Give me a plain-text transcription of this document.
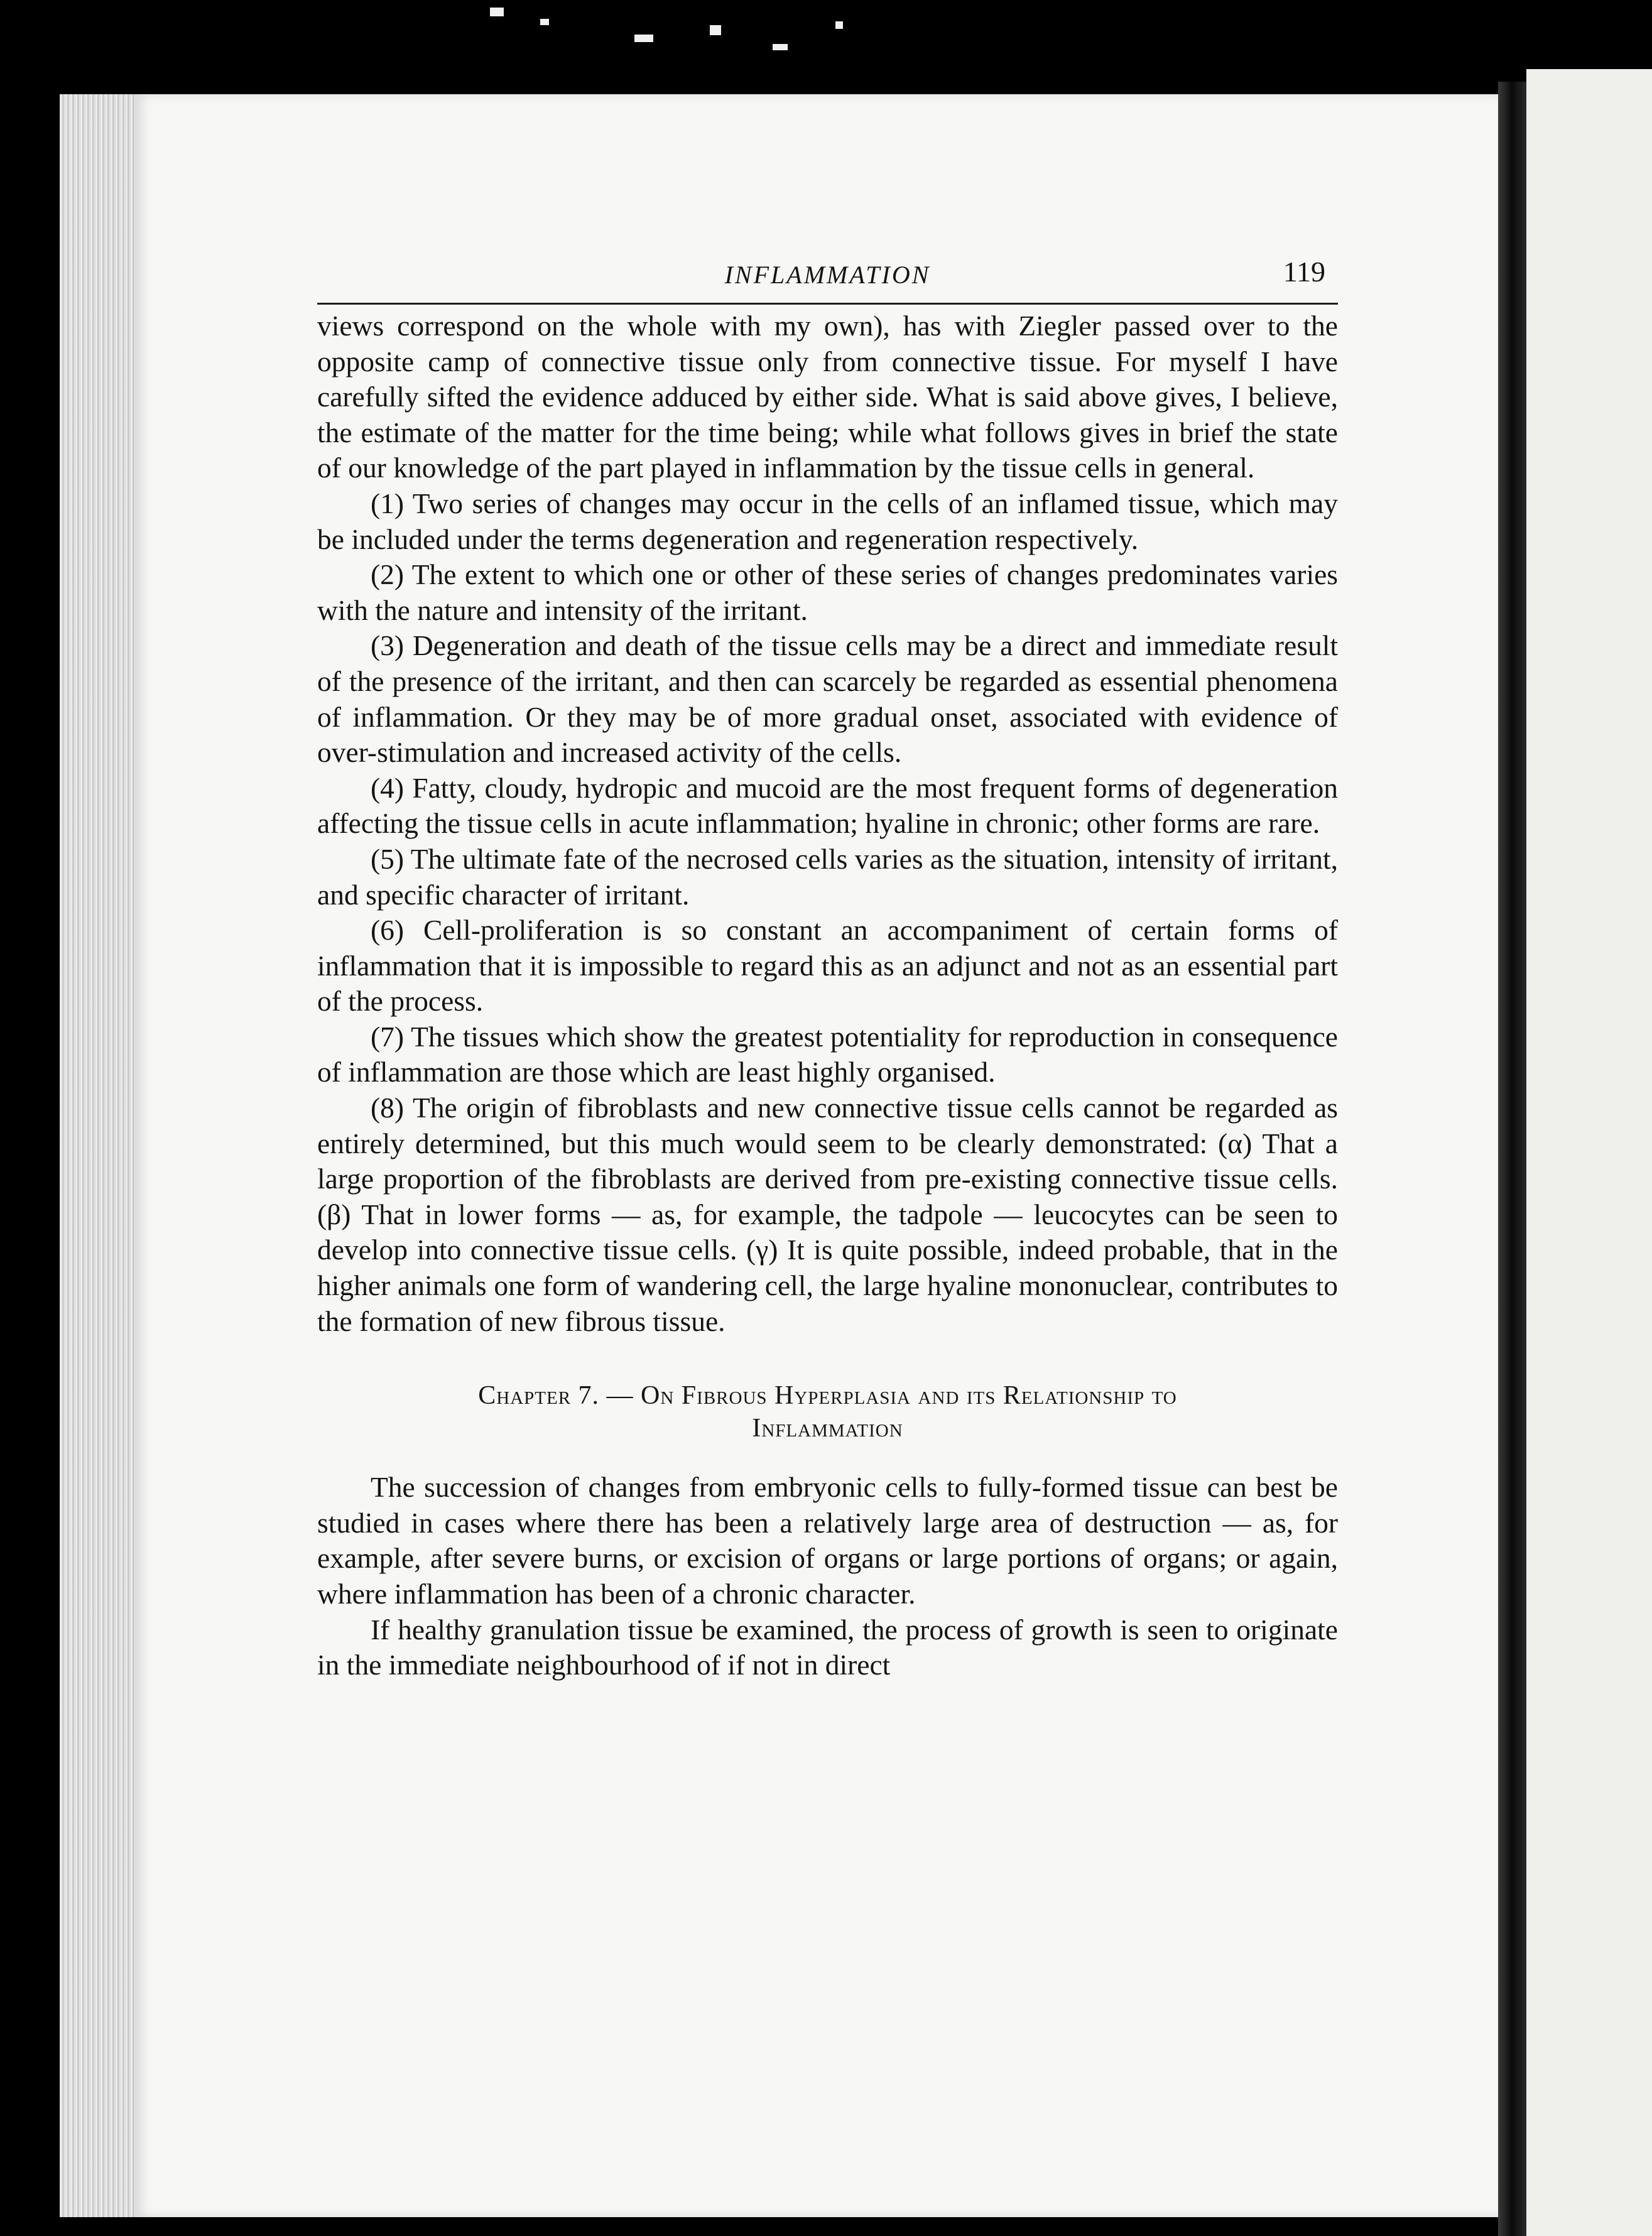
INFLAMMATION	119

views correspond on the whole with my own), has with Ziegler passed over to the opposite camp of connective tissue only from connective tissue. For myself I have carefully sifted the evidence adduced by either side. What is said above gives, I believe, the estimate of the matter for the time being; while what follows gives in brief the state of our knowledge of the part played in inflammation by the tissue cells in general.

(1) Two series of changes may occur in the cells of an inflamed tissue, which may be included under the terms degeneration and regeneration respectively.

(2) The extent to which one or other of these series of changes predominates varies with the nature and intensity of the irritant.

(3) Degeneration and death of the tissue cells may be a direct and immediate result of the presence of the irritant, and then can scarcely be regarded as essential phenomena of inflammation. Or they may be of more gradual onset, associated with evidence of over-stimulation and increased activity of the cells.

(4) Fatty, cloudy, hydropic and mucoid are the most frequent forms of degeneration affecting the tissue cells in acute inflammation; hyaline in chronic; other forms are rare.

(5) The ultimate fate of the necrosed cells varies as the situation, intensity of irritant, and specific character of irritant.

(6) Cell-proliferation is so constant an accompaniment of certain forms of inflammation that it is impossible to regard this as an adjunct and not as an essential part of the process.

(7) The tissues which show the greatest potentiality for reproduction in consequence of inflammation are those which are least highly organised.

(8) The origin of fibroblasts and new connective tissue cells cannot be regarded as entirely determined, but this much would seem to be clearly demonstrated: (α) That a large proportion of the fibroblasts are derived from pre-existing connective tissue cells. (β) That in lower forms — as, for example, the tadpole — leucocytes can be seen to develop into connective tissue cells. (γ) It is quite possible, indeed probable, that in the higher animals one form of wandering cell, the large hyaline mononuclear, contributes to the formation of new fibrous tissue.

Chapter 7. — On Fibrous Hyperplasia and its Relationship to
Inflammation

The succession of changes from embryonic cells to fully-formed tissue can best be studied in cases where there has been a relatively large area of destruction — as, for example, after severe burns, or excision of organs or large portions of organs; or again, where inflammation has been of a chronic character.

If healthy granulation tissue be examined, the process of growth is seen to originate in the immediate neighbourhood of if not in direct
